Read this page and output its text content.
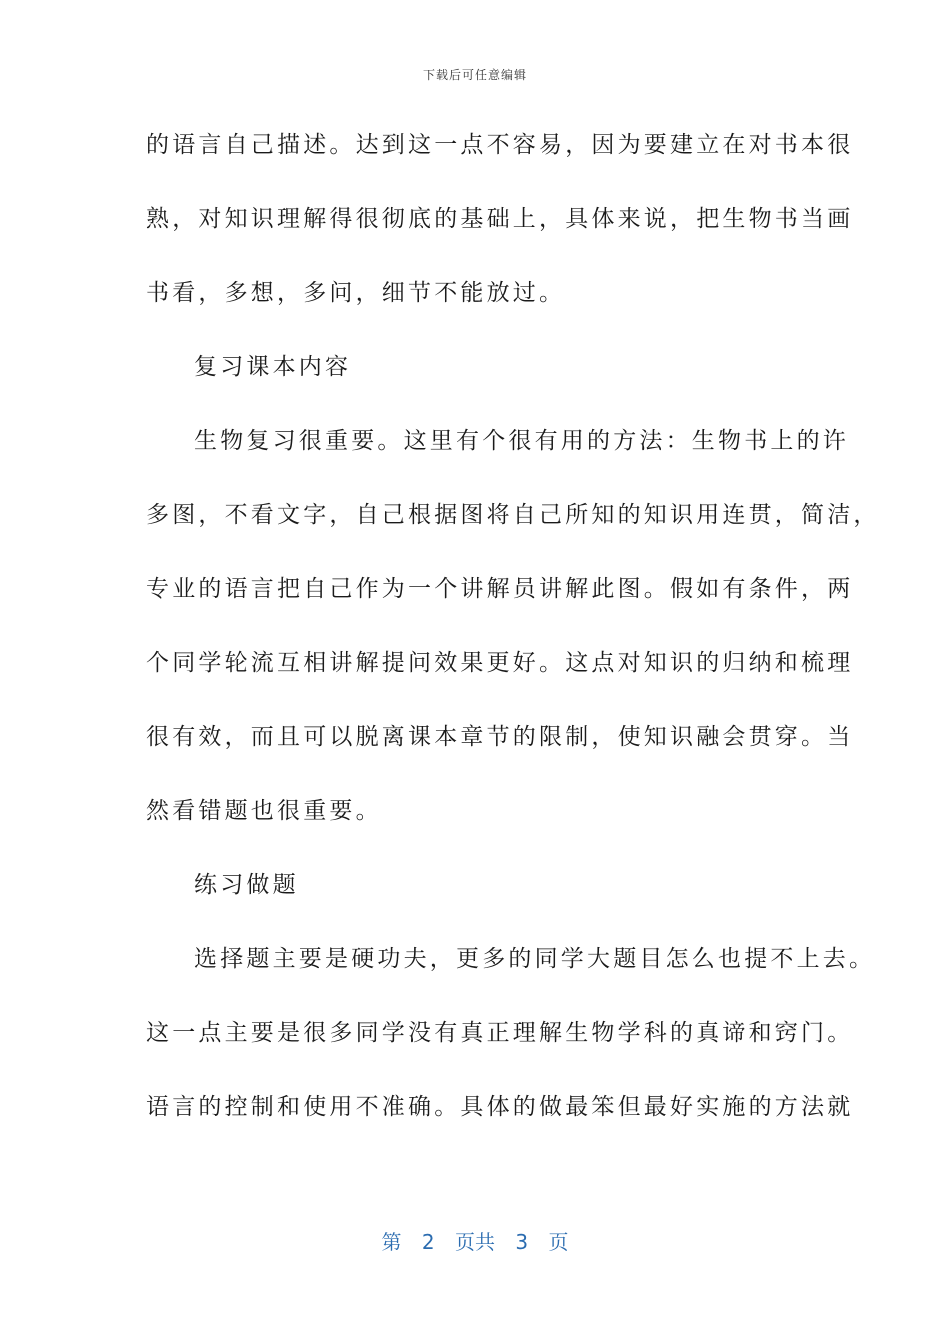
下载后可任意编辑
的语言自己描述。达到这一点不容易，因为要建立在对书本很
熟，对知识理解得很彻底的基础上，具体来说，把生物书当画
书看，多想，多问，细节不能放过。
复习课本内容
生物复习很重要。这里有个很有用的方法：生物书上的许
多图，不看文字，自己根据图将自己所知的知识用连贯，简洁，
专业的语言把自己作为一个讲解员讲解此图。假如有条件，两
个同学轮流互相讲解提问效果更好。这点对知识的归纳和梳理
很有效，而且可以脱离课本章节的限制，使知识融会贯穿。当
然看错题也很重要。
练习做题
选择题主要是硬功夫，更多的同学大题目怎么也提不上去。
这一点主要是很多同学没有真正理解生物学科的真谛和窍门。
语言的控制和使用不准确。具体的做最笨但最好实施的方法就
第 2 页共 3 页
